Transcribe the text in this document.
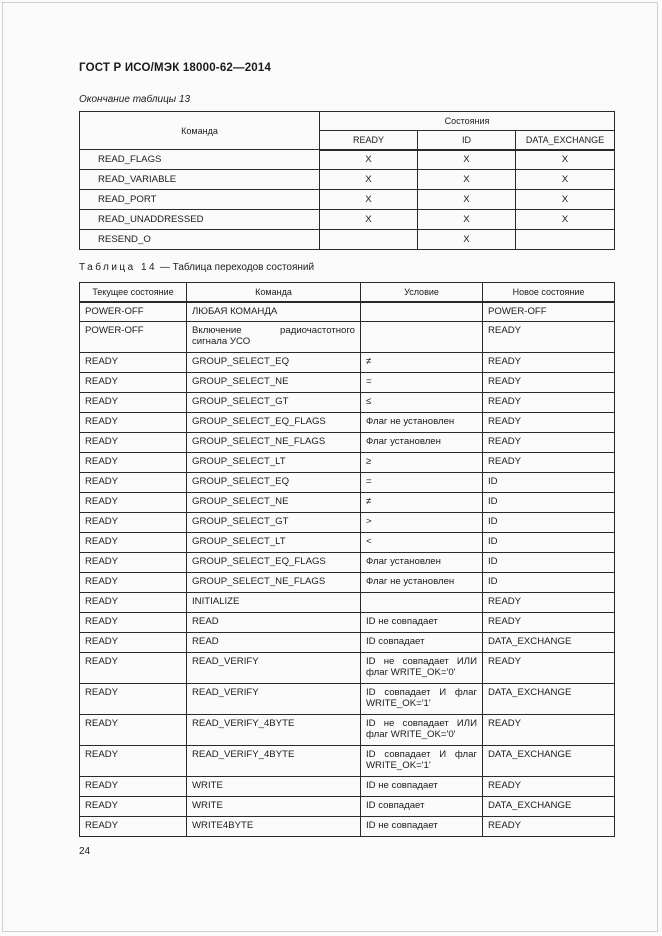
ГОСТ Р ИСО/МЭК 18000-62—2014
Окончание таблицы 13
Команда	Состояния		
	READY	ID	DATA_EXCHANGE
READ_FLAGS	X	X	X
READ_VARIABLE	X	X	X
READ_PORT	X	X	X
READ_UNADDRESSED	X	X	X
RESEND_O		X	
Таблица 14 — Таблица переходов состояний
Текущее состояние	Команда	Условие	Новое состояние
POWER-OFF	ЛЮБАЯ КОМАНДА		POWER-OFF
POWER-OFF	Включение радиочастотного сигнала УСО		READY
READY	GROUP_SELECT_EQ	≠	READY
READY	GROUP_SELECT_NE	=	READY
READY	GROUP_SELECT_GT	≤	READY
READY	GROUP_SELECT_EQ_FLAGS	Флаг не установлен	READY
READY	GROUP_SELECT_NE_FLAGS	Флаг установлен	READY
READY	GROUP_SELECT_LT	≥	READY
READY	GROUP_SELECT_EQ	=	ID
READY	GROUP_SELECT_NE	≠	ID
READY	GROUP_SELECT_GT	>	ID
READY	GROUP_SELECT_LT	<	ID
READY	GROUP_SELECT_EQ_FLAGS	Флаг установлен	ID
READY	GROUP_SELECT_NE_FLAGS	Флаг не установлен	ID
READY	INITIALIZE		READY
READY	READ	ID не совпадает	READY
READY	READ	ID совпадает	DATA_EXCHANGE
READY	READ_VERIFY	ID не совпадает ИЛИ флаг WRITE_OK='0'	READY
READY	READ_VERIFY	ID совпадает И флаг WRITE_OK='1'	DATA_EXCHANGE
READY	READ_VERIFY_4BYTE	ID не совпадает ИЛИ флаг WRITE_OK='0'	READY
READY	READ_VERIFY_4BYTE	ID совпадает И флаг WRITE_OK='1'	DATA_EXCHANGE
READY	WRITE	ID не совпадает	READY
READY	WRITE	ID совпадает	DATA_EXCHANGE
READY	WRITE4BYTE	ID не совпадает	READY
24
